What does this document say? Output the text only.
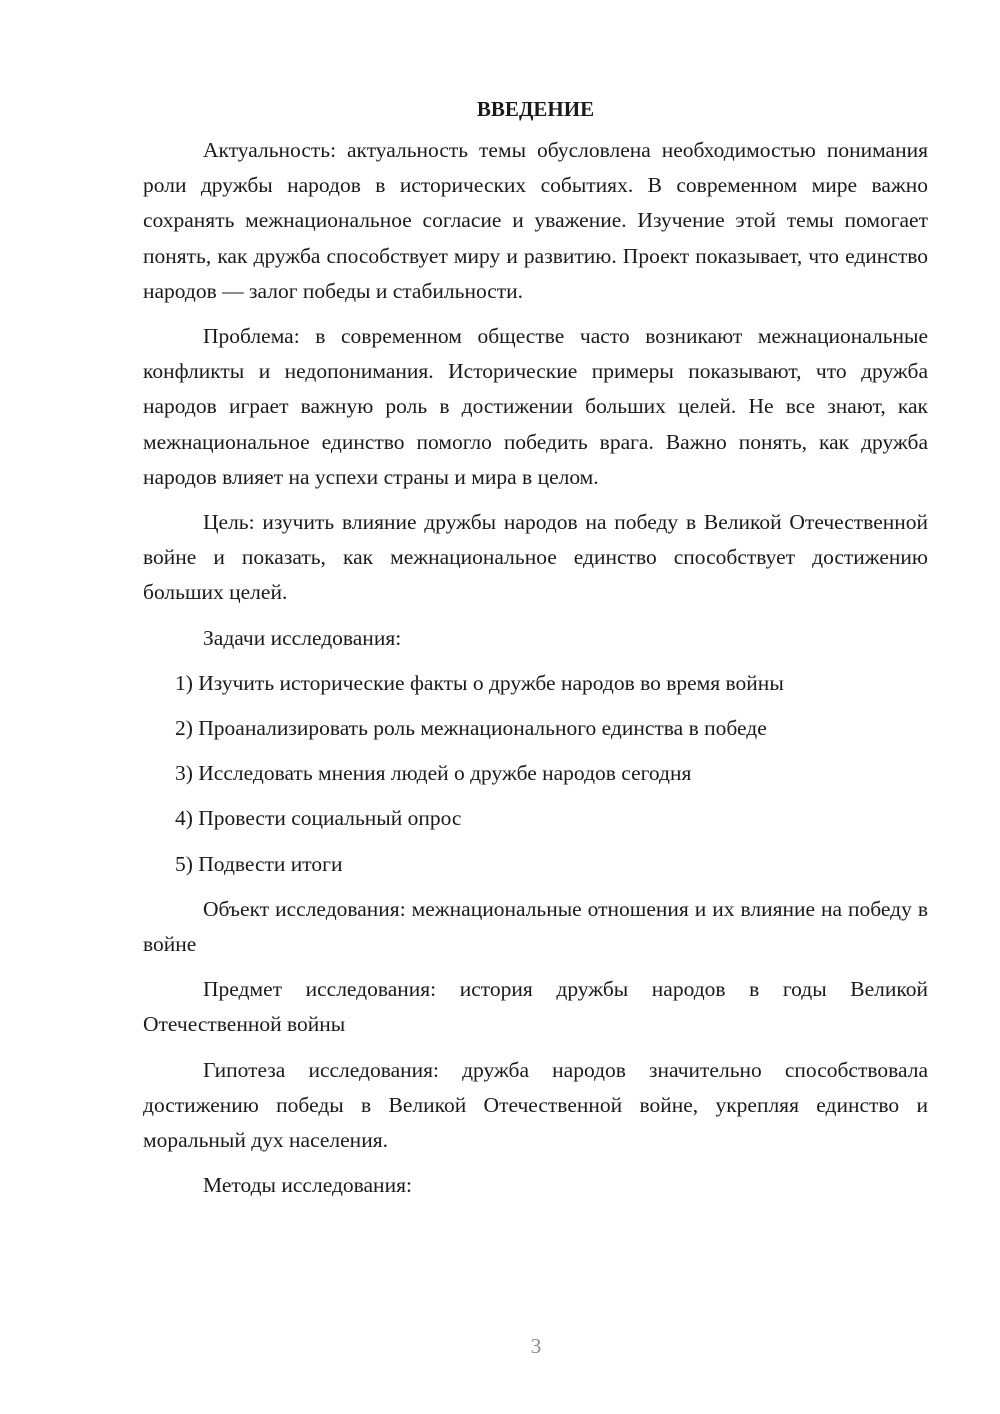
ВВЕДЕНИЕ

Актуальность: актуальность темы обусловлена необходимостью понимания роли дружбы народов в исторических событиях. В современном мире важно сохранять межнациональное согласие и уважение. Изучение этой темы помогает понять, как дружба способствует миру и развитию. Проект показывает, что единство народов — залог победы и стабильности.

Проблема: в современном обществе часто возникают межнациональные конфликты и недопонимания. Исторические примеры показывают, что дружба народов играет важную роль в достижении больших целей. Не все знают, как межнациональное единство помогло победить врага. Важно понять, как дружба народов влияет на успехи страны и мира в целом.

Цель: изучить влияние дружбы народов на победу в Великой Отечественной войне и показать, как межнациональное единство способствует достижению больших целей.

Задачи исследования:

1) Изучить исторические факты о дружбе народов во время войны
2) Проанализировать роль межнационального единства в победе
3) Исследовать мнения людей о дружбе народов сегодня
4) Провести социальный опрос
5) Подвести итоги

Объект исследования: межнациональные отношения и их влияние на победу в войне

Предмет исследования: история дружбы народов в годы Великой Отечественной войны

Гипотеза исследования: дружба народов значительно способствовала достижению победы в Великой Отечественной войне, укрепляя единство и моральный дух населения.

Методы исследования:

3
